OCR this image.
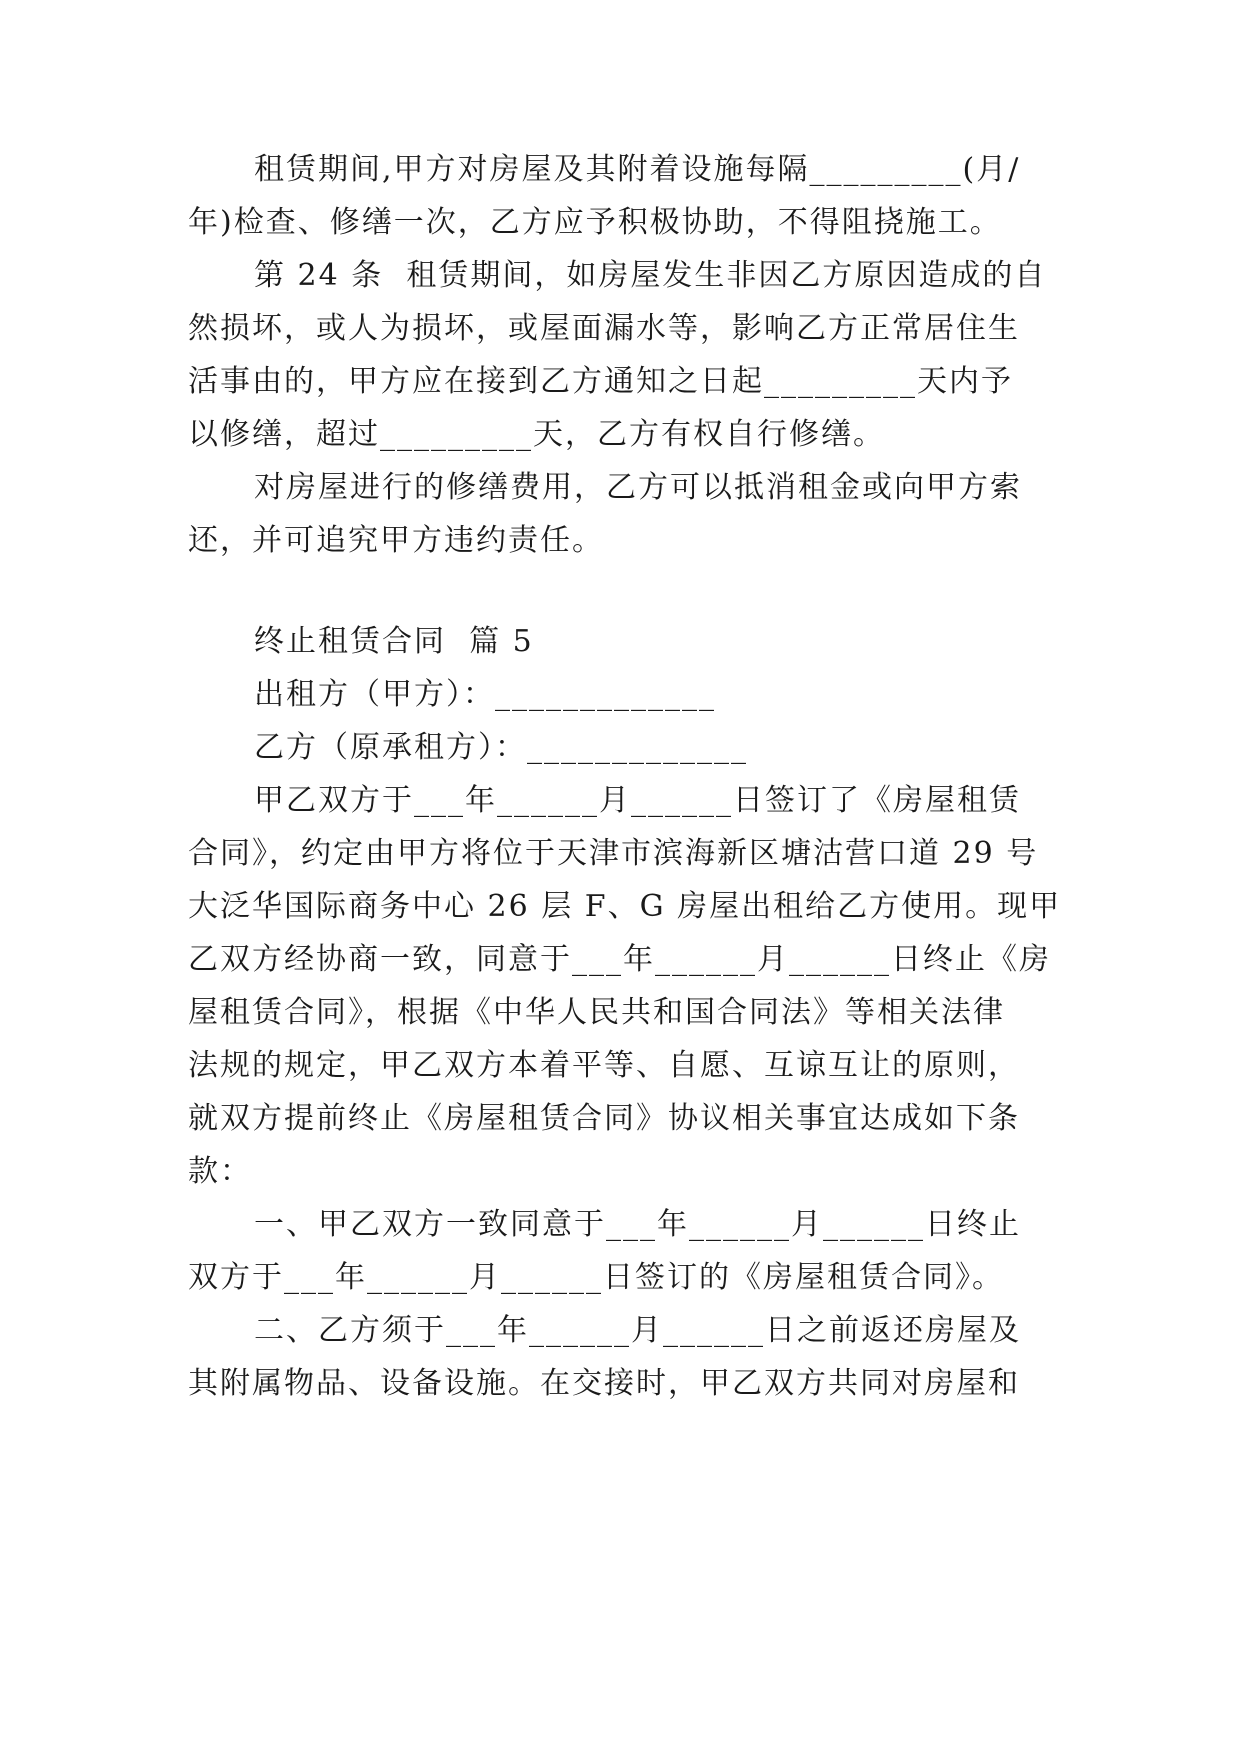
租赁期间,甲方对房屋及其附着设施每隔_________(月/
年)检查、修缮一次，乙方应予积极协助，不得阻挠施工。
第 24 条  租赁期间，如房屋发生非因乙方原因造成的自
然损坏，或人为损坏，或屋面漏水等，影响乙方正常居住生
活事由的，甲方应在接到乙方通知之日起_________天内予
以修缮，超过_________天，乙方有权自行修缮。
对房屋进行的修缮费用，乙方可以抵消租金或向甲方索
还，并可追究甲方违约责任。
终止租赁合同  篇 5
出租方（甲方）：_____________
乙方（原承租方）：_____________
甲乙双方于___年______月______日签订了《房屋租赁
合同》，约定由甲方将位于天津市滨海新区塘沽营口道 29 号
大泛华国际商务中心 26 层 F、G 房屋出租给乙方使用。现甲
乙双方经协商一致，同意于___年______月______日终止《房
屋租赁合同》，根据《中华人民共和国合同法》等相关法律
法规的规定，甲乙双方本着平等、自愿、互谅互让的原则，
就双方提前终止《房屋租赁合同》协议相关事宜达成如下条
款：
一、甲乙双方一致同意于___年______月______日终止
双方于___年______月______日签订的《房屋租赁合同》。
二、乙方须于___年______月______日之前返还房屋及
其附属物品、设备设施。在交接时，甲乙双方共同对房屋和
